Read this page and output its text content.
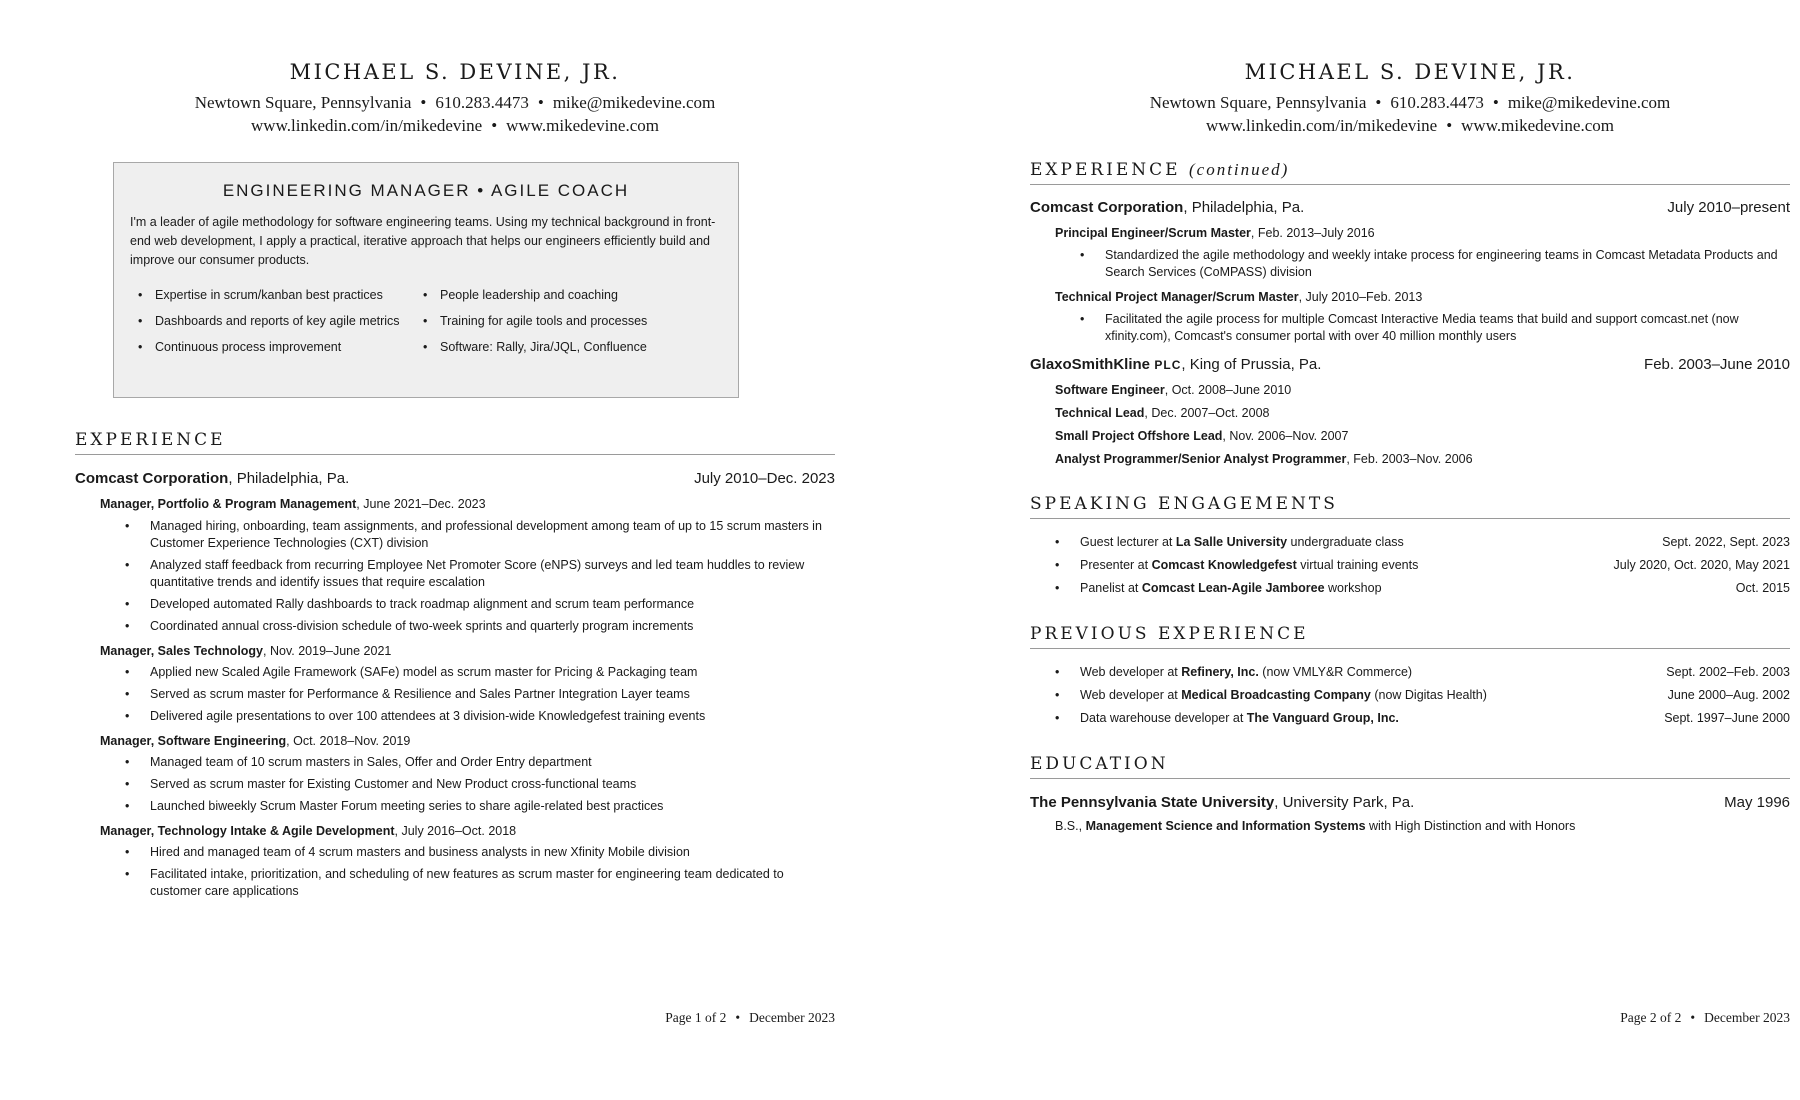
MICHAEL S. DEVINE, JR.
Newtown Square, Pennsylvania • 610.283.4473 • mike@mikedevine.com
www.linkedin.com/in/mikedevine • www.mikedevine.com
ENGINEERING MANAGER • AGILE COACH
I'm a leader of agile methodology for software engineering teams. Using my technical background in front-end web development, I apply a practical, iterative approach that helps our engineers efficiently build and improve our consumer products.
• Expertise in scrum/kanban best practices
• Dashboards and reports of key agile metrics
• Continuous process improvement
• People leadership and coaching
• Training for agile tools and processes
• Software: Rally, Jira/JQL, Confluence
EXPERIENCE
Comcast Corporation, Philadelphia, Pa.	July 2010–Dec. 2023
Manager, Portfolio & Program Management, June 2021–Dec. 2023
• Managed hiring, onboarding, team assignments, and professional development among team of up to 15 scrum masters in Customer Experience Technologies (CXT) division
• Analyzed staff feedback from recurring Employee Net Promoter Score (eNPS) surveys and led team huddles to review quantitative trends and identify issues that require escalation
• Developed automated Rally dashboards to track roadmap alignment and scrum team performance
• Coordinated annual cross-division schedule of two-week sprints and quarterly program increments
Manager, Sales Technology, Nov. 2019–June 2021
• Applied new Scaled Agile Framework (SAFe) model as scrum master for Pricing & Packaging team
• Served as scrum master for Performance & Resilience and Sales Partner Integration Layer teams
• Delivered agile presentations to over 100 attendees at 3 division-wide Knowledgefest training events
Manager, Software Engineering, Oct. 2018–Nov. 2019
• Managed team of 10 scrum masters in Sales, Offer and Order Entry department
• Served as scrum master for Existing Customer and New Product cross-functional teams
• Launched biweekly Scrum Master Forum meeting series to share agile-related best practices
Manager, Technology Intake & Agile Development, July 2016–Oct. 2018
• Hired and managed team of 4 scrum masters and business analysts in new Xfinity Mobile division
• Facilitated intake, prioritization, and scheduling of new features as scrum master for engineering team dedicated to customer care applications
Page 1 of 2 • December 2023
MICHAEL S. DEVINE, JR.
Newtown Square, Pennsylvania • 610.283.4473 • mike@mikedevine.com
www.linkedin.com/in/mikedevine • www.mikedevine.com
EXPERIENCE (continued)
Comcast Corporation, Philadelphia, Pa.	July 2010–present
Principal Engineer/Scrum Master, Feb. 2013–July 2016
• Standardized the agile methodology and weekly intake process for engineering teams in Comcast Metadata Products and Search Services (CoMPASS) division
Technical Project Manager/Scrum Master, July 2010–Feb. 2013
• Facilitated the agile process for multiple Comcast Interactive Media teams that build and support comcast.net (now xfinity.com), Comcast's consumer portal with over 40 million monthly users
GlaxoSmithKline PLC, King of Prussia, Pa.	Feb. 2003–June 2010
Software Engineer, Oct. 2008–June 2010
Technical Lead, Dec. 2007–Oct. 2008
Small Project Offshore Lead, Nov. 2006–Nov. 2007
Analyst Programmer/Senior Analyst Programmer, Feb. 2003–Nov. 2006
SPEAKING ENGAGEMENTS
• Guest lecturer at La Salle University undergraduate class	Sept. 2022, Sept. 2023
• Presenter at Comcast Knowledgefest virtual training events	July 2020, Oct. 2020, May 2021
• Panelist at Comcast Lean-Agile Jamboree workshop	Oct. 2015
PREVIOUS EXPERIENCE
• Web developer at Refinery, Inc. (now VMLY&R Commerce)	Sept. 2002–Feb. 2003
• Web developer at Medical Broadcasting Company (now Digitas Health)	June 2000–Aug. 2002
• Data warehouse developer at The Vanguard Group, Inc.	Sept. 1997–June 2000
EDUCATION
The Pennsylvania State University, University Park, Pa.	May 1996
B.S., Management Science and Information Systems with High Distinction and with Honors
Page 2 of 2 • December 2023
